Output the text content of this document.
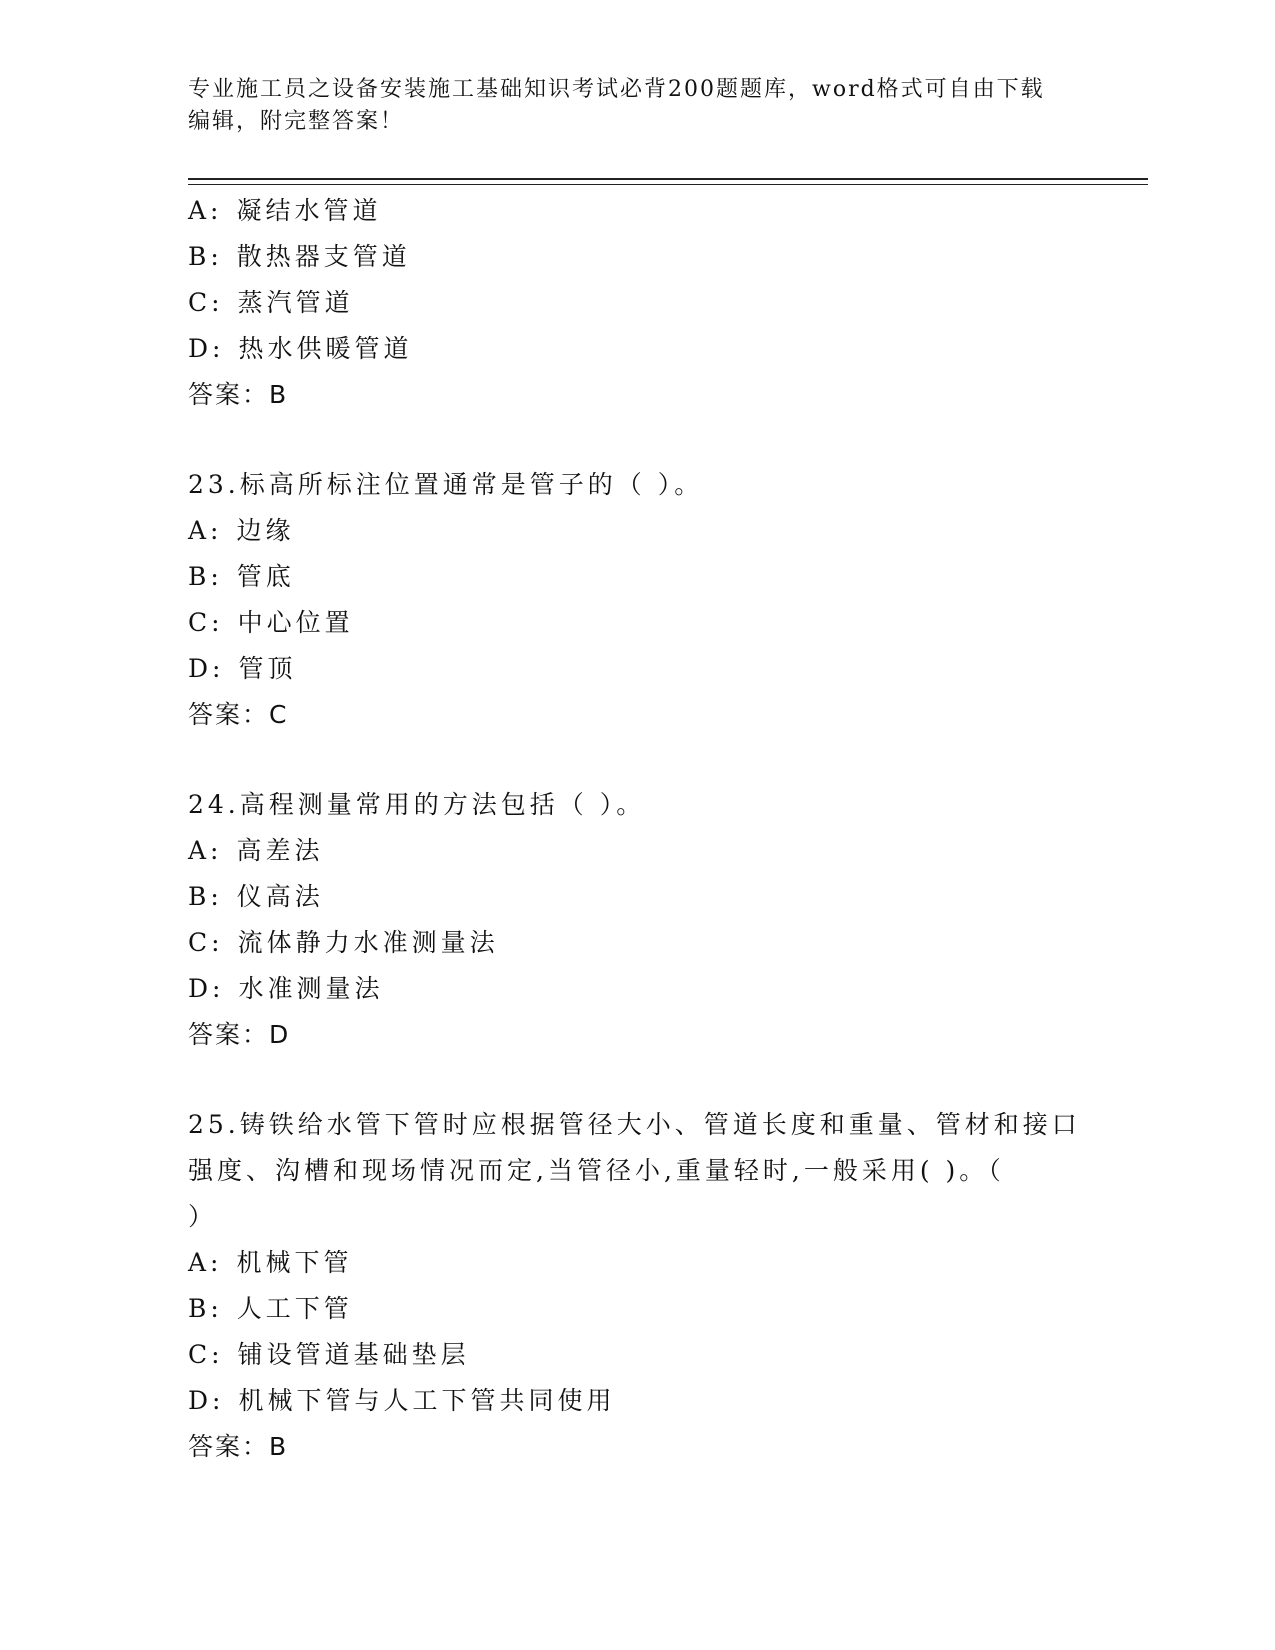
专业施工员之设备安装施工基础知识考试必背200题题库，word格式可自由下载
编辑，附完整答案！
A: 凝结水管道
B: 散热器支管道
C: 蒸汽管道
D: 热水供暖管道
答案：B
23.标高所标注位置通常是管子的（ ）。
A: 边缘
B: 管底
C: 中心位置
D: 管顶
答案：C
24.高程测量常用的方法包括（ ）。
A: 高差法
B: 仪高法
C: 流体静力水准测量法
D: 水准测量法
答案：D
25.铸铁给水管下管时应根据管径大小、管道长度和重量、管材和接口
强度、沟槽和现场情况而定,当管径小,重量轻时,一般采用( )。（
）
A: 机械下管
B: 人工下管
C: 铺设管道基础垫层
D: 机械下管与人工下管共同使用
答案：B
